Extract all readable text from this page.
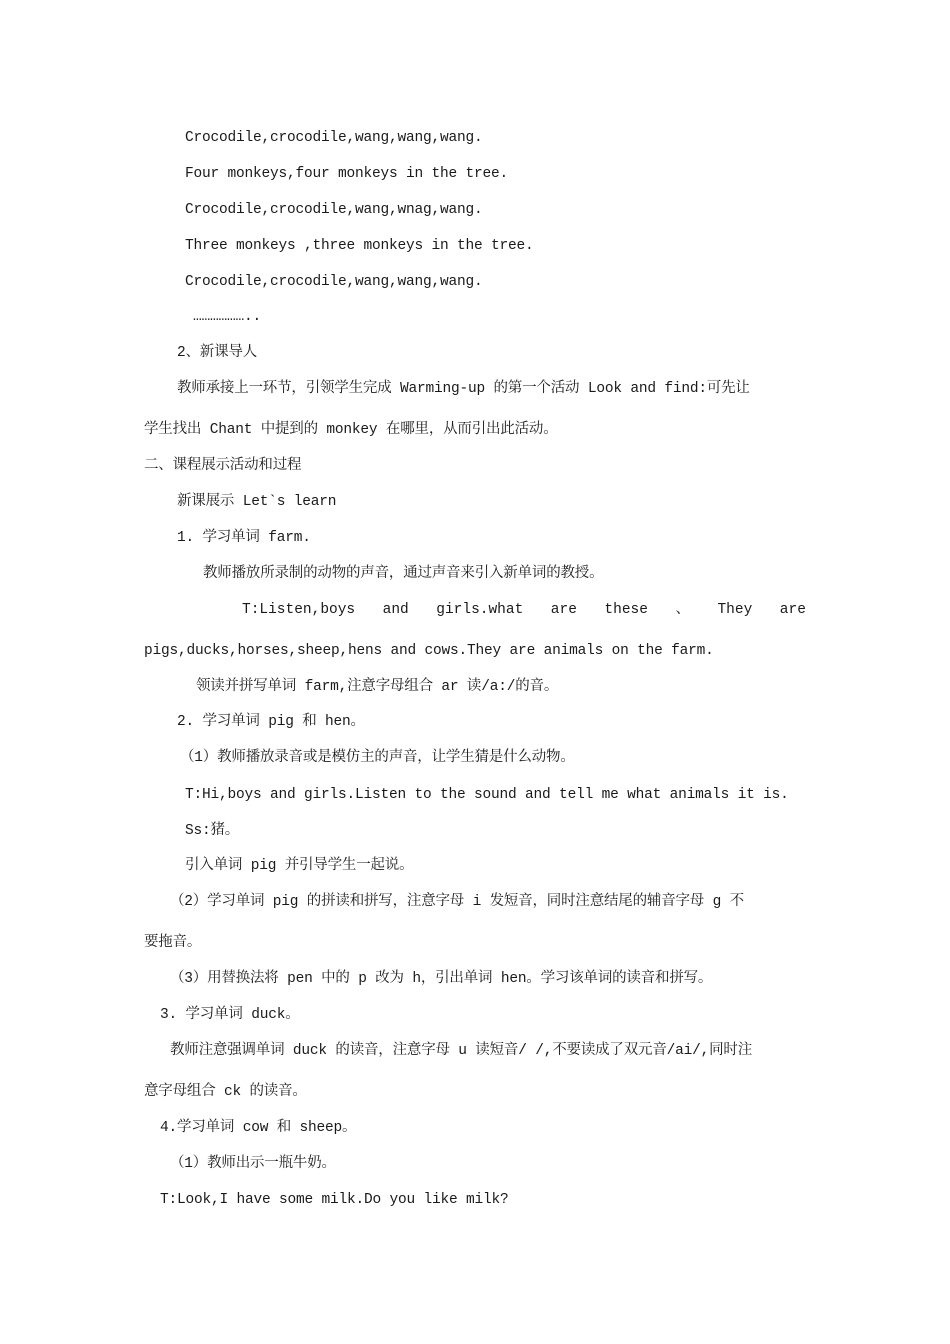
Crocodile,crocodile,wang,wang,wang.
Four monkeys,four monkeys in the tree.
Crocodile,crocodile,wang,wnag,wang.
Three monkeys ,three monkeys in the tree.
Crocodile,crocodile,wang,wang,wang.
………………..
2、新课导人
教师承接上一环节，引领学生完成 Warming-up 的第一个活动 Look and find:可先让
学生找出 Chant 中提到的 monkey 在哪里，从而引出此活动。
二、课程展示活动和过程
新课展示 Let`s learn
1. 学习单词 farm.
教师播放所录制的动物的声音，通过声音来引入新单词的教授。
T:Listen,boys and girls.what are these 、 They are
pigs,ducks,horses,sheep,hens and cows.They are animals on the farm.
领读并拼写单词 farm,注意字母组合 ar 读/a:/的音。
2. 学习单词 pig 和 hen。
（1）教师播放录音或是模仿主的声音，让学生猜是什么动物。
T:Hi,boys and girls.Listen to the sound and tell me what animals it is.
Ss:猪。
引入单词 pig 并引导学生一起说。
（2）学习单词 pig 的拼读和拼写，注意字母 i 发短音，同时注意结尾的辅音字母 g 不
要拖音。
（3）用替换法将 pen 中的 p 改为 h，引出单词 hen。学习该单词的读音和拼写。
3. 学习单词 duck。
教师注意强调单词 duck 的读音，注意字母 u 读短音/ /,不要读成了双元音/ai/,同时注
意字母组合 ck 的读音。
4.学习单词 cow 和 sheep。
（1）教师出示一瓶牛奶。
T:Look,I have some milk.Do you like milk?
